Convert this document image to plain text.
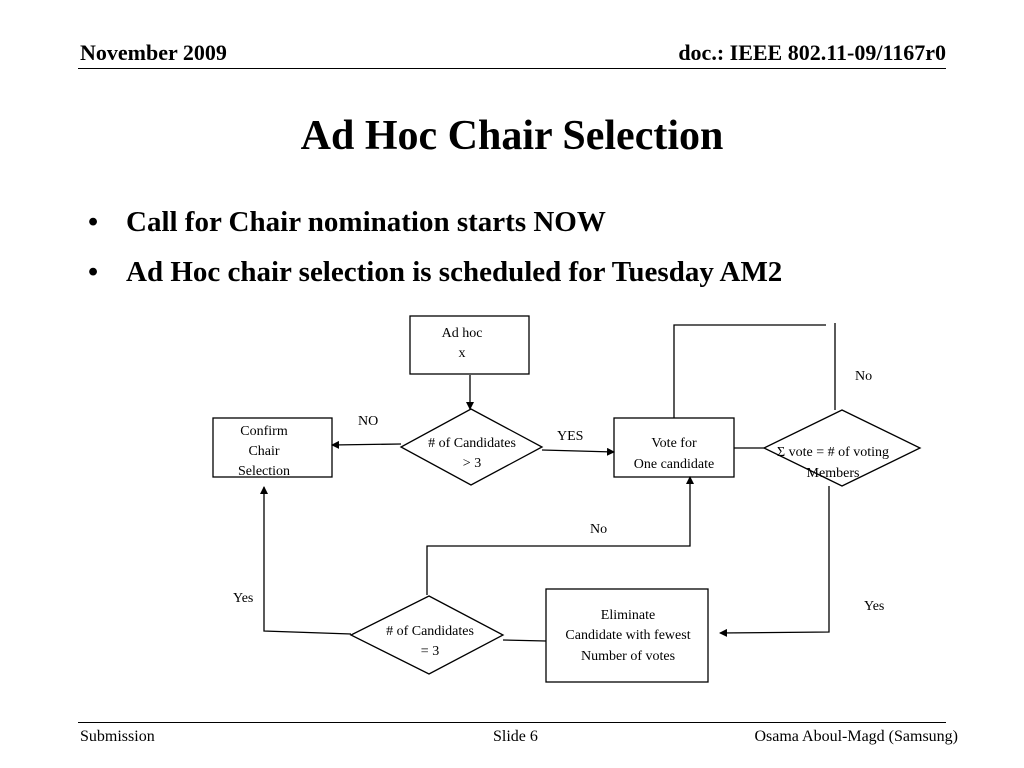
November 2009	doc.: IEEE 802.11-09/1167r0
Ad Hoc Chair Selection
• Call for Chair nomination starts NOW
• Ad Hoc chair selection is scheduled for Tuesday AM2
Ad hoc
x
# of Candidates
> 3
Confirm
Chair
Selection
Vote for
One candidate
Σ vote = # of voting
Members
Eliminate
Candidate with fewest
Number of votes
# of Candidates
= 3
NO
YES
No
No
Yes
Yes
Submission	Slide 6	Osama Aboul-Magd (Samsung)
